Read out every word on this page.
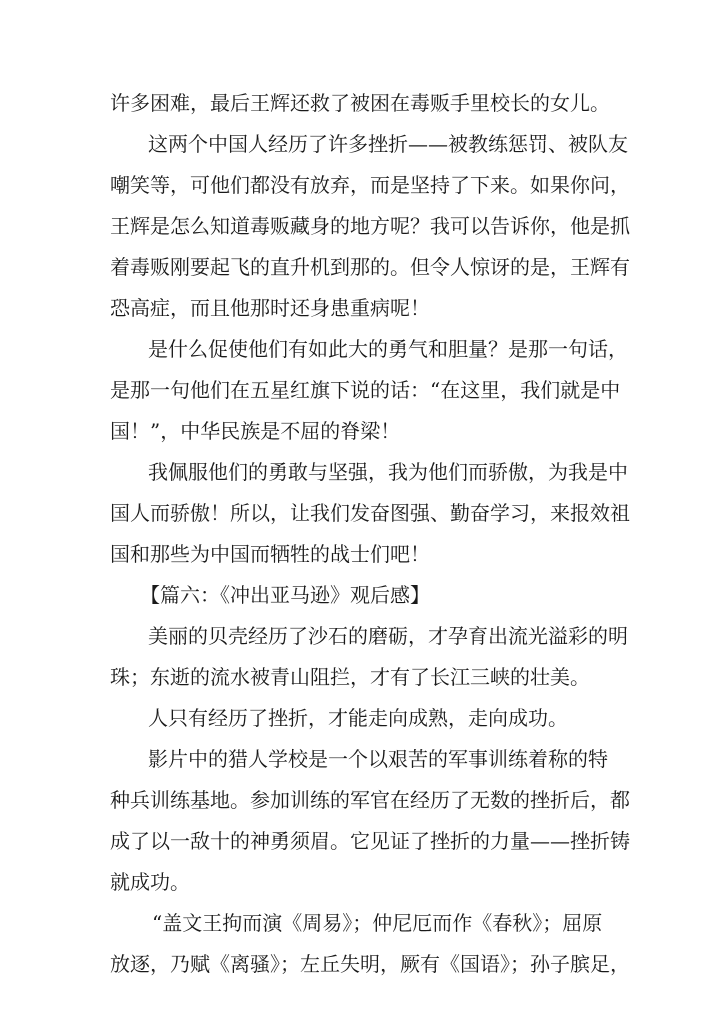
许多困难，最后王辉还救了被困在毒贩手里校长的女儿。
这两个中国人经历了许多挫折——被教练惩罚、被队友
嘲笑等，可他们都没有放弃，而是坚持了下来。如果你问，
王辉是怎么知道毒贩藏身的地方呢？我可以告诉你，他是抓
着毒贩刚要起飞的直升机到那的。但令人惊讶的是，王辉有
恐高症，而且他那时还身患重病呢！
是什么促使他们有如此大的勇气和胆量？是那一句话，
是那一句他们在五星红旗下说的话：“在这里，我们就是中
国！”，中华民族是不屈的脊梁！
我佩服他们的勇敢与坚强，我为他们而骄傲，为我是中
国人而骄傲！所以，让我们发奋图强、勤奋学习，来报效祖
国和那些为中国而牺牲的战士们吧！
【篇六：《冲出亚马逊》观后感】
美丽的贝壳经历了沙石的磨砺，才孕育出流光溢彩的明
珠；东逝的流水被青山阻拦，才有了长江三峡的壮美。
人只有经历了挫折，才能走向成熟，走向成功。
影片中的猎人学校是一个以艰苦的军事训练着称的特
种兵训练基地。参加训练的军官在经历了无数的挫折后，都
成了以一敌十的神勇须眉。它见证了挫折的力量——挫折铸
就成功。
“盖文王拘而演《周易》；仲尼厄而作《春秋》；屈原
放逐，乃赋《离骚》；左丘失明，厥有《国语》；孙子膑足，
